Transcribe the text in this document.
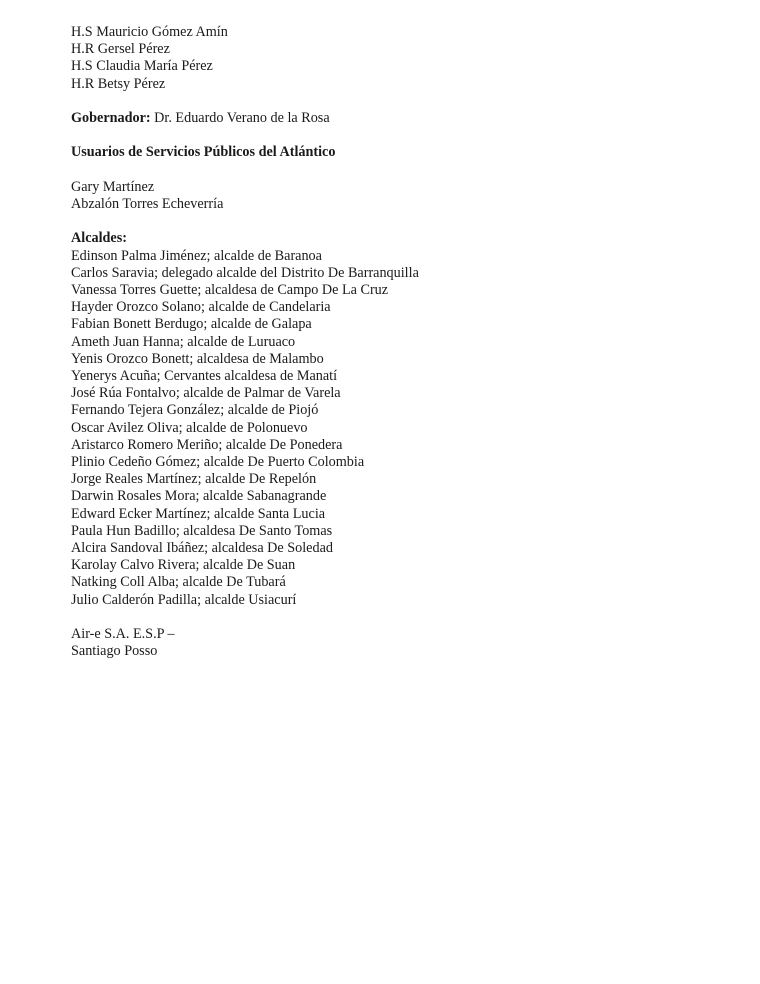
H.S Mauricio Gómez Amín
H.R Gersel Pérez
H.S Claudia María Pérez
H.R Betsy Pérez
Gobernador: Dr. Eduardo Verano de la Rosa
Usuarios de Servicios Públicos del Atlántico
Gary Martínez
Abzalón Torres Echeverría
Alcaldes:
Edinson Palma Jiménez; alcalde de Baranoa
Carlos Saravia; delegado alcalde del Distrito De Barranquilla
Vanessa Torres Guette; alcaldesa de Campo De La Cruz
Hayder Orozco Solano; alcalde de Candelaria
Fabian Bonett Berdugo; alcalde de Galapa
Ameth Juan Hanna; alcalde de Luruaco
Yenis Orozco Bonett; alcaldesa de Malambo
Yenerys Acuña; Cervantes alcaldesa de Manatí
José Rúa Fontalvo; alcalde de Palmar de Varela
Fernando Tejera González; alcalde de Piojó
Oscar Avilez Oliva; alcalde de Polonuevo
Aristarco Romero Meriño; alcalde De Ponedera
Plinio Cedeño Gómez; alcalde De Puerto Colombia
Jorge Reales Martínez; alcalde De Repelón
Darwin Rosales Mora; alcalde Sabanagrande
Edward Ecker Martínez; alcalde Santa Lucia
Paula Hun Badillo; alcaldesa De Santo Tomas
Alcira Sandoval Ibáñez; alcaldesa De Soledad
Karolay Calvo Rivera; alcalde De Suan
Natking Coll Alba; alcalde De Tubará
Julio Calderón Padilla; alcalde Usiacurí
Air-e S.A. E.S.P –
Santiago Posso
